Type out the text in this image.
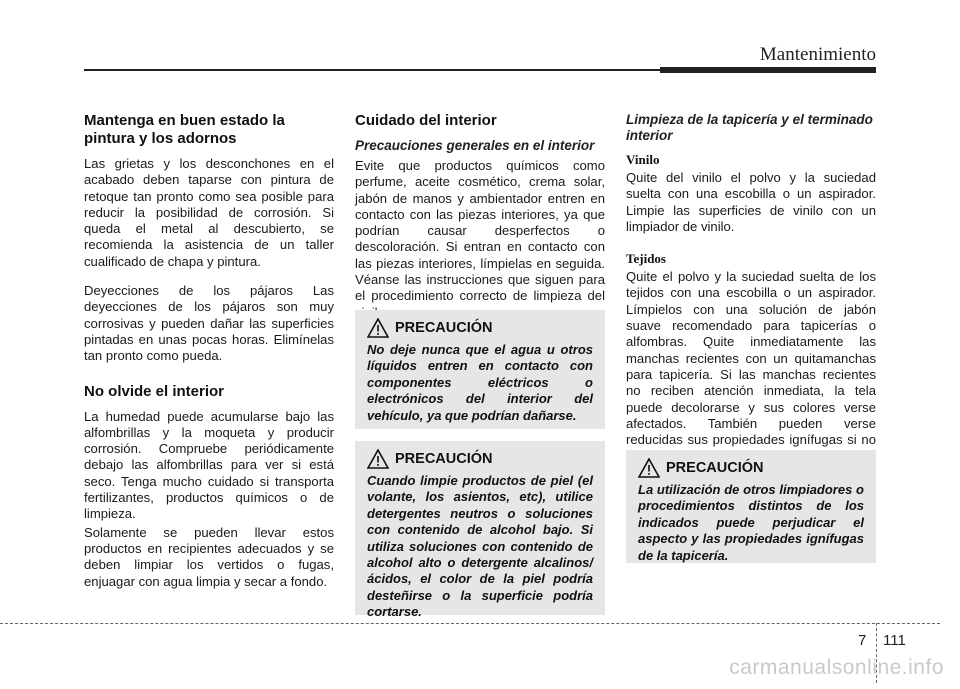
Mantenimiento
Mantenga en buen estado la pintura y los adornos

Las grietas y los desconchones en el acabado deben taparse con pintura de retoque tan pronto como sea posible para reducir la posibilidad de corrosión. Si queda el metal al descubierto, se recomienda la asistencia de un taller cualificado de chapa y pintura.

Deyecciones de los pájaros Las deyecciones de los pájaros son muy corrosivas y pueden dañar las superficies pintadas en unas pocas horas. Elimínelas tan pronto como pueda.

No olvide el interior

La humedad puede acumularse bajo las alfombrillas y la moqueta y producir corrosión. Compruebe periódicamente debajo las alfombrillas para ver si está seco. Tenga mucho cuidado si transporta fertilizantes, productos químicos o de limpieza.

Solamente se pueden llevar estos productos en recipientes adecuados y se deben limpiar los vertidos o fugas, enjuagar con agua limpia y secar a fondo.

Cuidado del interior
Precauciones generales en el interior

Evite que productos químicos como perfume, aceite cosmético, crema solar, jabón de manos y ambientador entren en contacto con las piezas interiores, ya que podrían causar desperfectos o descoloración. Si entran en contacto con las piezas interiores, límpielas en seguida. Véanse las instrucciones que siguen para el procedimiento correcto de limpieza del

PRECAUCIÓN

No deje nunca que el agua u otros líquidos entren en contacto con componentes eléctricos o electrónicos del interior del vehículo, ya que podrían dañarse.

PRECAUCIÓN

Cuando limpie productos de piel (el volante, los asientos, etc), utilice detergentes neutros o soluciones con contenido de alcohol bajo. Si utiliza soluciones con contenido de alcohol alto o detergente alcalinos/ ácidos, el color de la piel podría desteñirse o la superficie podría cortarse.

Limpieza de la tapicería y el terminado interior
Vinilo

Quite del vinilo el polvo y la suciedad suelta con una escobilla o un aspirador. Limpie las superficies de vinilo con un limpiador de vinilo.

Tejidos

Quite el polvo y la suciedad suelta de los tejidos con una escobilla o un aspirador. Límpielos con una solución de jabón suave recomendado para tapicerías o alfombras. Quite inmediatamente las manchas recientes con un quitamanchas para tapicería. Si las manchas recientes no reciben atención inmediata, la tela puede decolorarse y sus colores verse afectados. También pueden verse reducidas sus propiedades ignífugas si no

PRECAUCIÓN

La utilización de otros limpiadores o procedimientos distintos de los indicados puede perjudicar el aspecto y las propiedades ignífugas de la tapicería.

7 111
carmanualsonline.info
